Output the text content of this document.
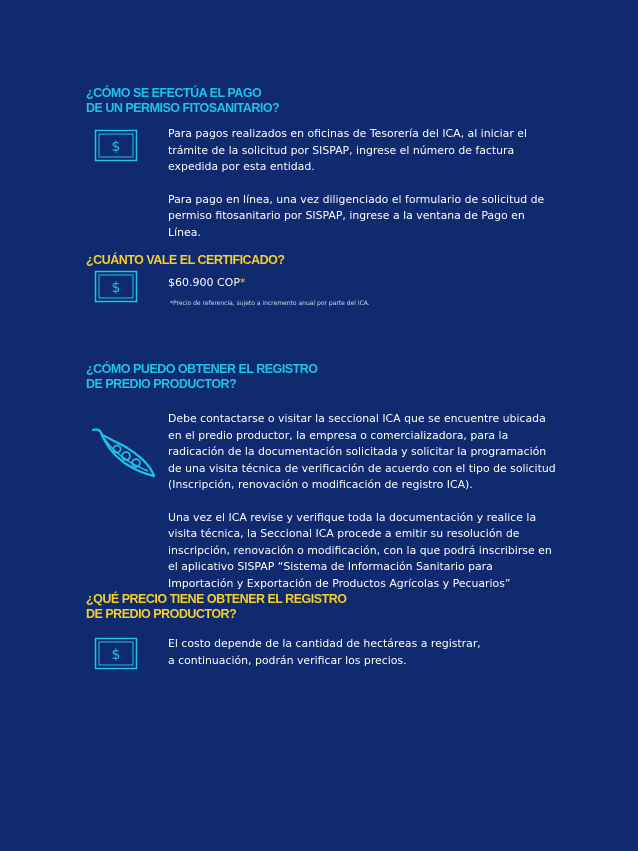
¿CÓMO SE EFECTÚA EL PAGO
DE UN PERMISO FITOSANITARIO?
$

Para pagos realizados en oficinas de Tesorería del ICA, al iniciar el trámite de la solicitud por SISPAP, ingrese el número de factura expedida por esta entidad.

Para pago en línea, una vez diligenciado el formulario de solicitud de permiso fitosanitario por SISPAP, ingrese a la ventana de Pago en Línea.

¿CUÁNTO VALE EL CERTIFICADO?
$	$60.900 COP*
*Precio de referencia, sujeto a incremento anual por parte del ICA.
¿CÓMO PUEDO OBTENER EL REGISTRO
DE PREDIO PRODUCTOR?

Debe contactarse o visitar la seccional ICA que se encuentre ubicada en el predio productor, la empresa o comercializadora, para la radicación de la documentación solicitada y solicitar la programación de una visita técnica de verificación de acuerdo con el tipo de solicitud (Inscripción, renovación o modificación de registro ICA).

Una vez el ICA revise y verifique toda la documentación y realice la visita técnica, la Seccional ICA procede a emitir su resolución de inscripción, renovación o modificación, con la que podrá inscribirse en el aplicativo SISPAP “Sistema de Información Sanitario para Importación y Exportación de Productos Agrícolas y Pecuarios”

¿QUÉ PRECIO TIENE OBTENER EL REGISTRO
DE PREDIO PRODUCTOR?
$

El costo depende de la cantidad de hectáreas a registrar, a continuación, podrán verificar los precios.
